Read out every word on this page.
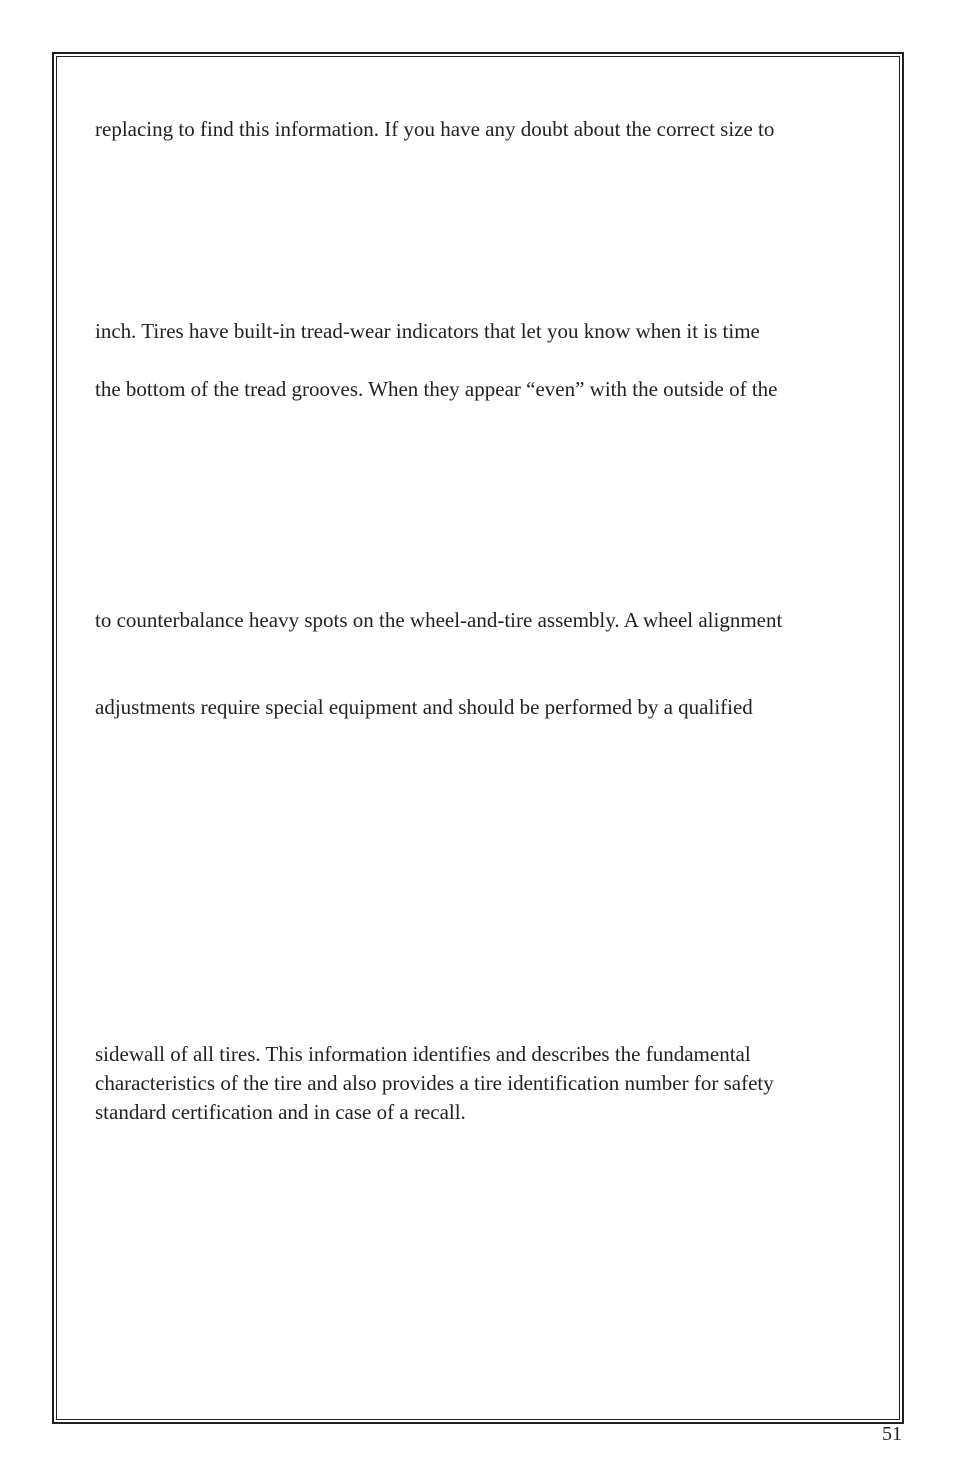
replacing to find this information. If you have any doubt about the correct size to

inch. Tires have built-in tread-wear indicators that let you know when it is time

the bottom of the tread grooves. When they appear “even” with the outside of the

to counterbalance heavy spots on the wheel-and-tire assembly. A wheel alignment

adjustments require special equipment and should be performed by a qualified

sidewall of all tires. This information identifies and describes the fundamental
characteristics of the tire and also provides a tire identification number for safety
standard certification and in case of a recall.
51
